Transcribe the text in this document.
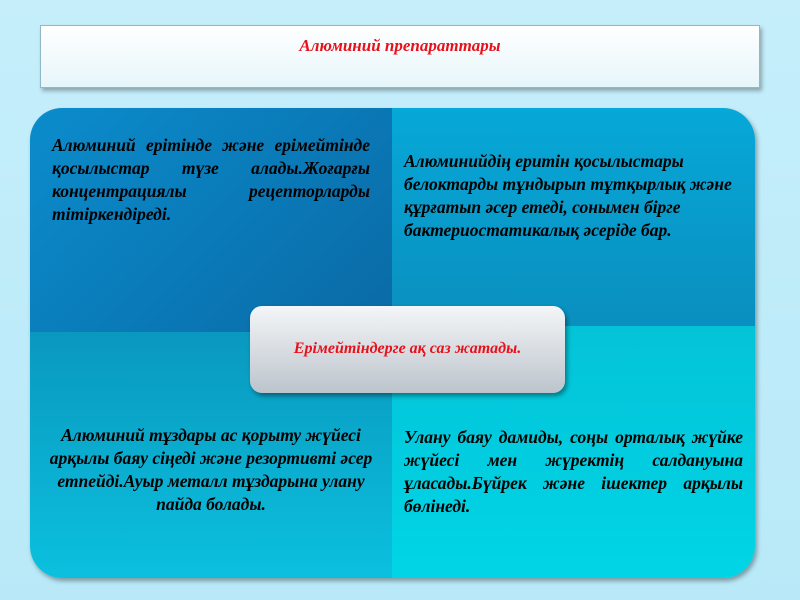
Алюминий препараттары
Алюминий ерітінде және ерімейтінде қосылыстар түзе алады.Жоғарғы концентрациялы рецепторларды тітіркендіреді.
Алюминийдің еритін қосылыстары белоктарды тұндырып тұтқырлық және құрғатып әсер етеді, сонымен бірге бактериостатикалық әсеріде бар.
Алюминий тұздары ас қорыту жүйесі арқылы баяу сіңеді және резортивті әсер етпейді.Ауыр металл тұздарына улану пайда болады.
Улану баяу дамиды, соңы орталық жүйке жүйесі мен жүректің салдануына ұласады.Бүйрек және ішектер арқылы бөлінеді.
Ерімейтіндерге ақ саз жатады.
